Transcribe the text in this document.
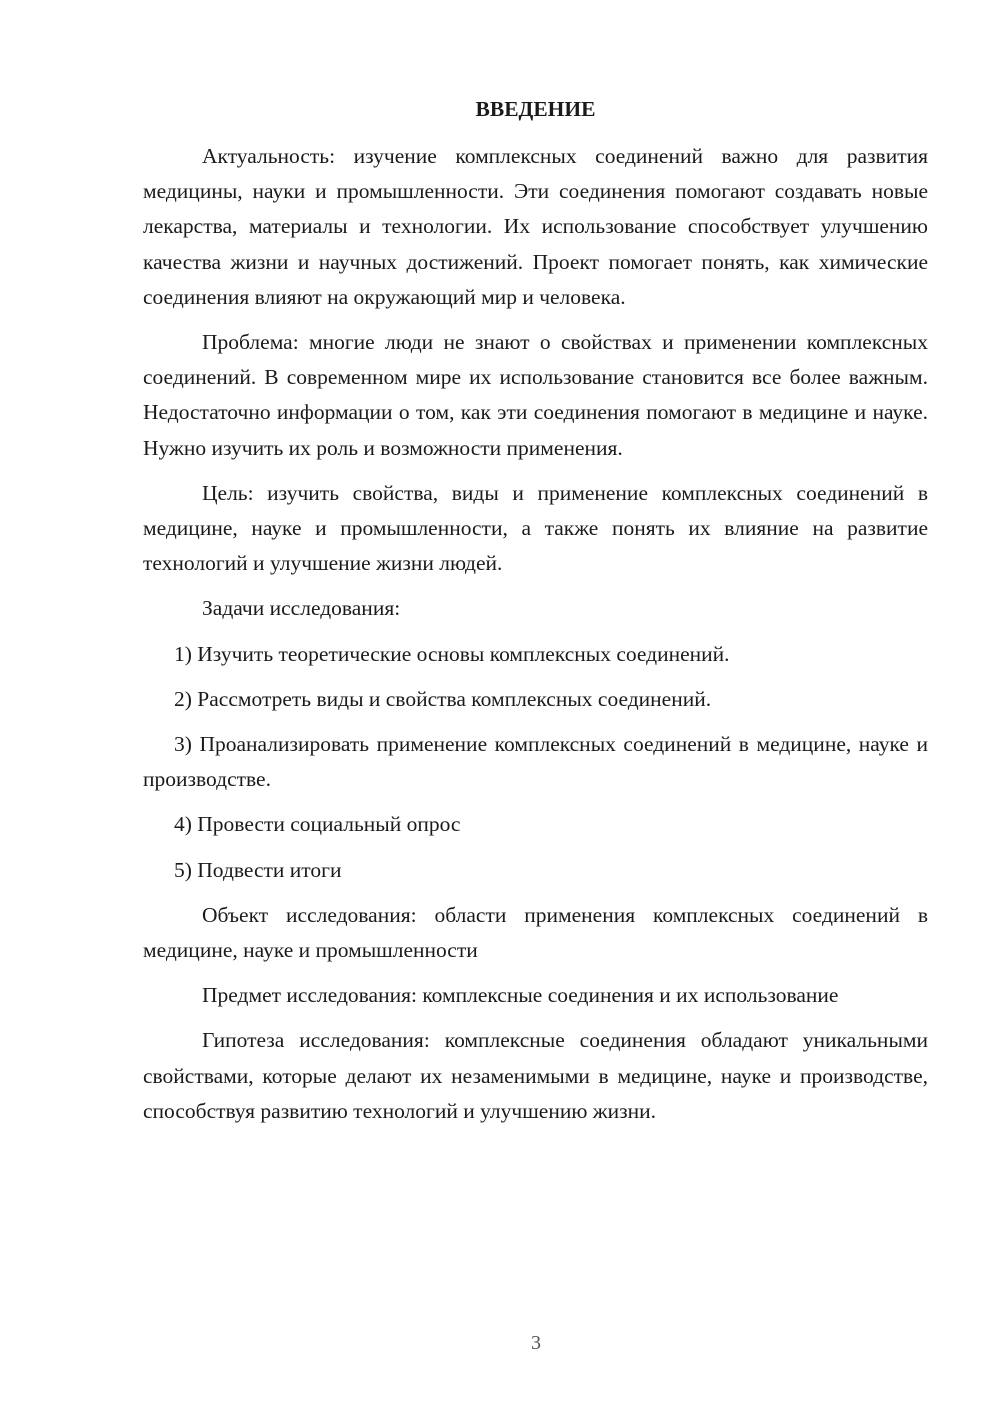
ВВЕДЕНИЕ

Актуальность: изучение комплексных соединений важно для развития медицины, науки и промышленности. Эти соединения помогают создавать новые лекарства, материалы и технологии. Их использование способствует улучшению качества жизни и научных достижений. Проект помогает понять, как химические соединения влияют на окружающий мир и человека.

Проблема: многие люди не знают о свойствах и применении комплексных соединений. В современном мире их использование становится все более важным. Недостаточно информации о том, как эти соединения помогают в медицине и науке. Нужно изучить их роль и возможности применения.

Цель: изучить свойства, виды и применение комплексных соединений в медицине, науке и промышленности, а также понять их влияние на развитие технологий и улучшение жизни людей.

Задачи исследования:

1) Изучить теоретические основы комплексных соединений.

2) Рассмотреть виды и свойства комплексных соединений.

3) Проанализировать применение комплексных соединений в медицине, науке и производстве.

4) Провести социальный опрос

5) Подвести итоги

Объект исследования: области применения комплексных соединений в медицине, науке и промышленности

Предмет исследования: комплексные соединения и их использование

Гипотеза исследования: комплексные соединения обладают уникальными свойствами, которые делают их незаменимыми в медицине, науке и производстве, способствуя развитию технологий и улучшению жизни.

3
